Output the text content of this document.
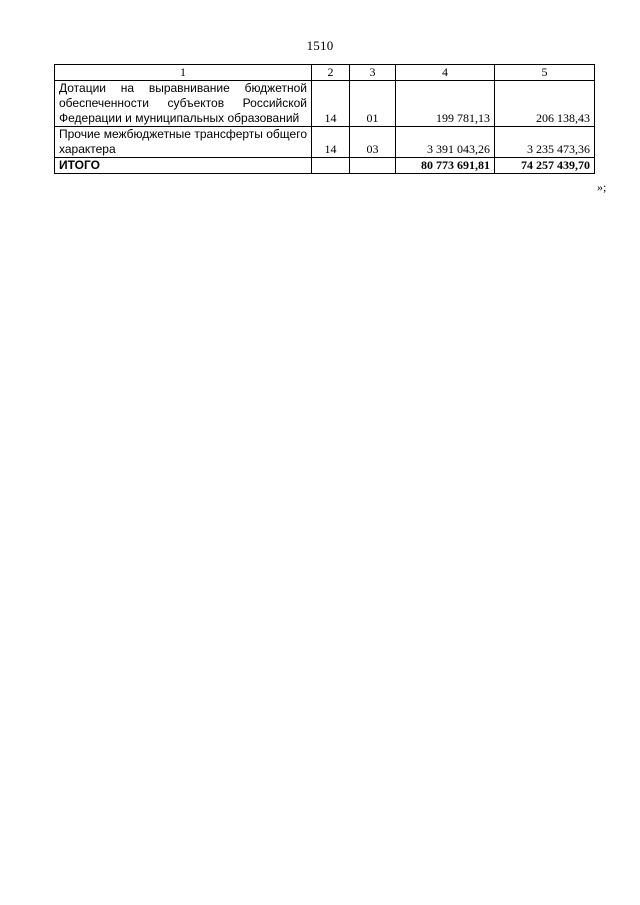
1510
1	2	3	4	5
Дотации на выравнивание бюджетной обеспеченности субъектов Российской Федерации и муниципальных образований	14	01	199 781,13	206 138,43
Прочие межбюджетные трансферты общего характера	14	03	3 391 043,26	3 235 473,36
ИТОГО			80 773 691,81	74 257 439,70
»;
